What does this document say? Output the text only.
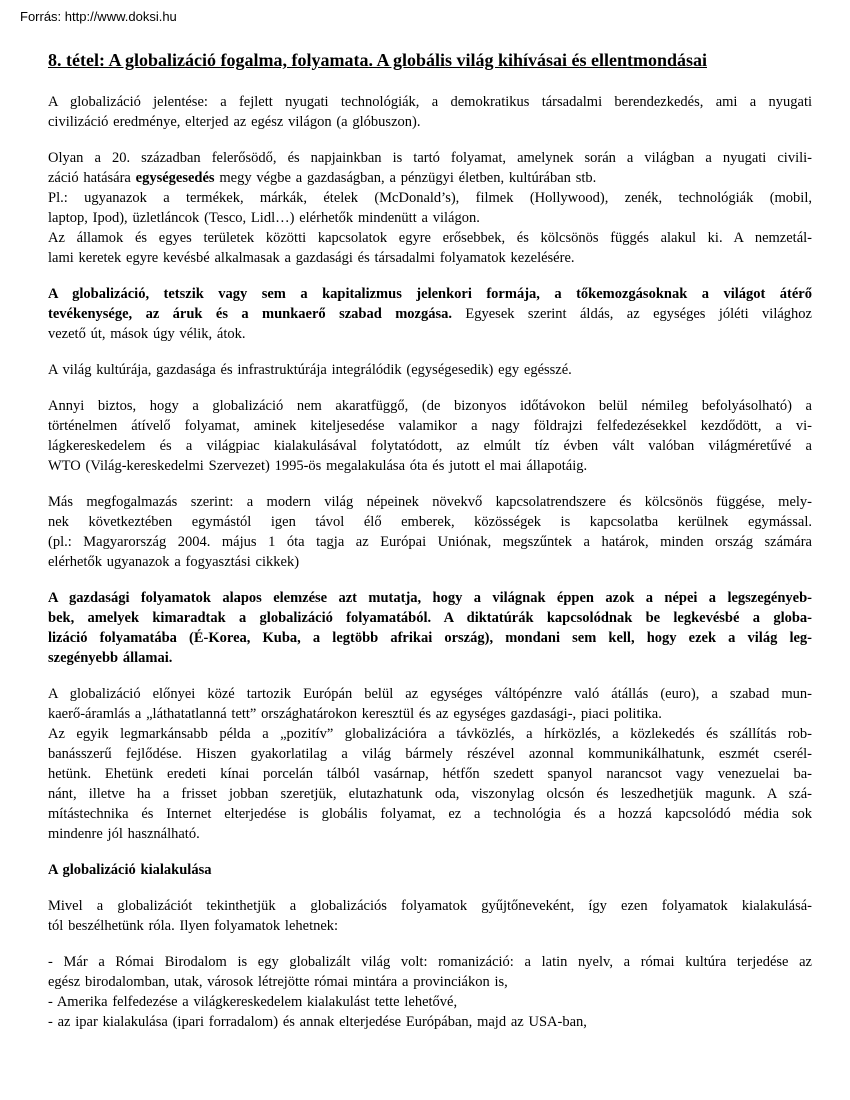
Forrás: http://www.doksi.hu
8. tétel: A globalizáció fogalma, folyamata. A globális világ kihívásai és ellentmondásai
A globalizáció jelentése: a fejlett nyugati technológiák, a demokratikus társadalmi berendezkedés, ami a nyugati
civilizáció eredménye, elterjed az egész világon (a glóbuszon).
Olyan a 20. században felerősödő, és napjainkban is tartó folyamat, amelynek során a világban a nyugati civili-
záció hatására egységesedés megy végbe a gazdaságban, a pénzügyi életben, kultúrában stb.
Pl.: ugyanazok a termékek, márkák, ételek (McDonald’s), filmek (Hollywood), zenék, technológiák (mobil,
laptop, Ipod), üzletláncok (Tesco, Lidl…) elérhetők mindenütt a világon.
Az államok és egyes területek közötti kapcsolatok egyre erősebbek, és kölcsönös függés alakul ki. A nemzetál-
lami keretek egyre kevésbé alkalmasak a gazdasági és társadalmi folyamatok kezelésére.
A globalizáció, tetszik vagy sem a kapitalizmus jelenkori formája, a tőkemozgásoknak a világot átérő
tevékenysége, az áruk és a munkaerő szabad mozgása. Egyesek szerint áldás, az egységes jóléti világhoz
vezető út, mások úgy vélik, átok.
A világ kultúrája, gazdasága és infrastruktúrája integrálódik (egységesedik) egy egésszé.
Annyi biztos, hogy a globalizáció nem akaratfüggő, (de bizonyos időtávokon belül némileg befolyásolható) a
történelmen átívelő folyamat, aminek kiteljesedése valamikor a nagy földrajzi felfedezésekkel kezdődött, a vi-
lágkereskedelem és a világpiac kialakulásával folytatódott, az elmúlt tíz évben vált valóban világméretűvé a
WTO (Világ-kereskedelmi Szervezet) 1995-ös megalakulása óta és jutott el mai állapotáig.
Más megfogalmazás szerint: a modern világ népeinek növekvő kapcsolatrendszere és kölcsönös függése, mely-
nek következtében egymástól igen távol élő emberek, közösségek is kapcsolatba kerülnek egymással.
(pl.: Magyarország 2004. május 1 óta tagja az Európai Uniónak, megszűntek a határok, minden ország számára
elérhetők ugyanazok a fogyasztási cikkek)
A gazdasági folyamatok alapos elemzése azt mutatja, hogy a világnak éppen azok a népei a legszegényeb-
bek, amelyek kimaradtak a globalizáció folyamatából. A diktatúrák kapcsolódnak be legkevésbé a globa-
lizáció folyamatába (É-Korea, Kuba, a legtöbb afrikai ország), mondani sem kell, hogy ezek a világ leg-
szegényebb államai.
A globalizáció előnyei közé tartozik Európán belül az egységes váltópénzre való átállás (euro), a szabad mun-
kaerő-áramlás a „láthatatlanná tett” országhatárokon keresztül és az egységes gazdasági-, piaci politika.
Az egyik legmarkánsabb példa a „pozitív” globalizációra a távközlés, a hírközlés, a közlekedés és szállítás rob-
banásszerű fejlődése. Hiszen gyakorlatilag a világ bármely részével azonnal kommunikálhatunk, eszmét cserél-
hetünk. Ehetünk eredeti kínai porcelán tálból vasárnap, hétfőn szedett spanyol narancsot vagy venezuelai ba-
nánt, illetve ha a frisset jobban szeretjük, elutazhatunk oda, viszonylag olcsón és leszedhetjük magunk. A szá-
mítástechnika és Internet elterjedése is globális folyamat, ez a technológia és a hozzá kapcsolódó média sok
mindenre jól használható.
A globalizáció kialakulása
Mivel a globalizációt tekinthetjük a globalizációs folyamatok gyűjtőneveként, így ezen folyamatok kialakulásá-
tól beszélhetünk róla. Ilyen folyamatok lehetnek:
- Már a Római Birodalom is egy globalizált világ volt: romanizáció: a latin nyelv, a római kultúra terjedése az
egész birodalomban, utak, városok létrejötte római mintára a provinciákon is,
- Amerika felfedezése a világkereskedelem kialakulást tette lehetővé,
- az ipar kialakulása (ipari forradalom) és annak elterjedése Európában, majd az USA-ban,
